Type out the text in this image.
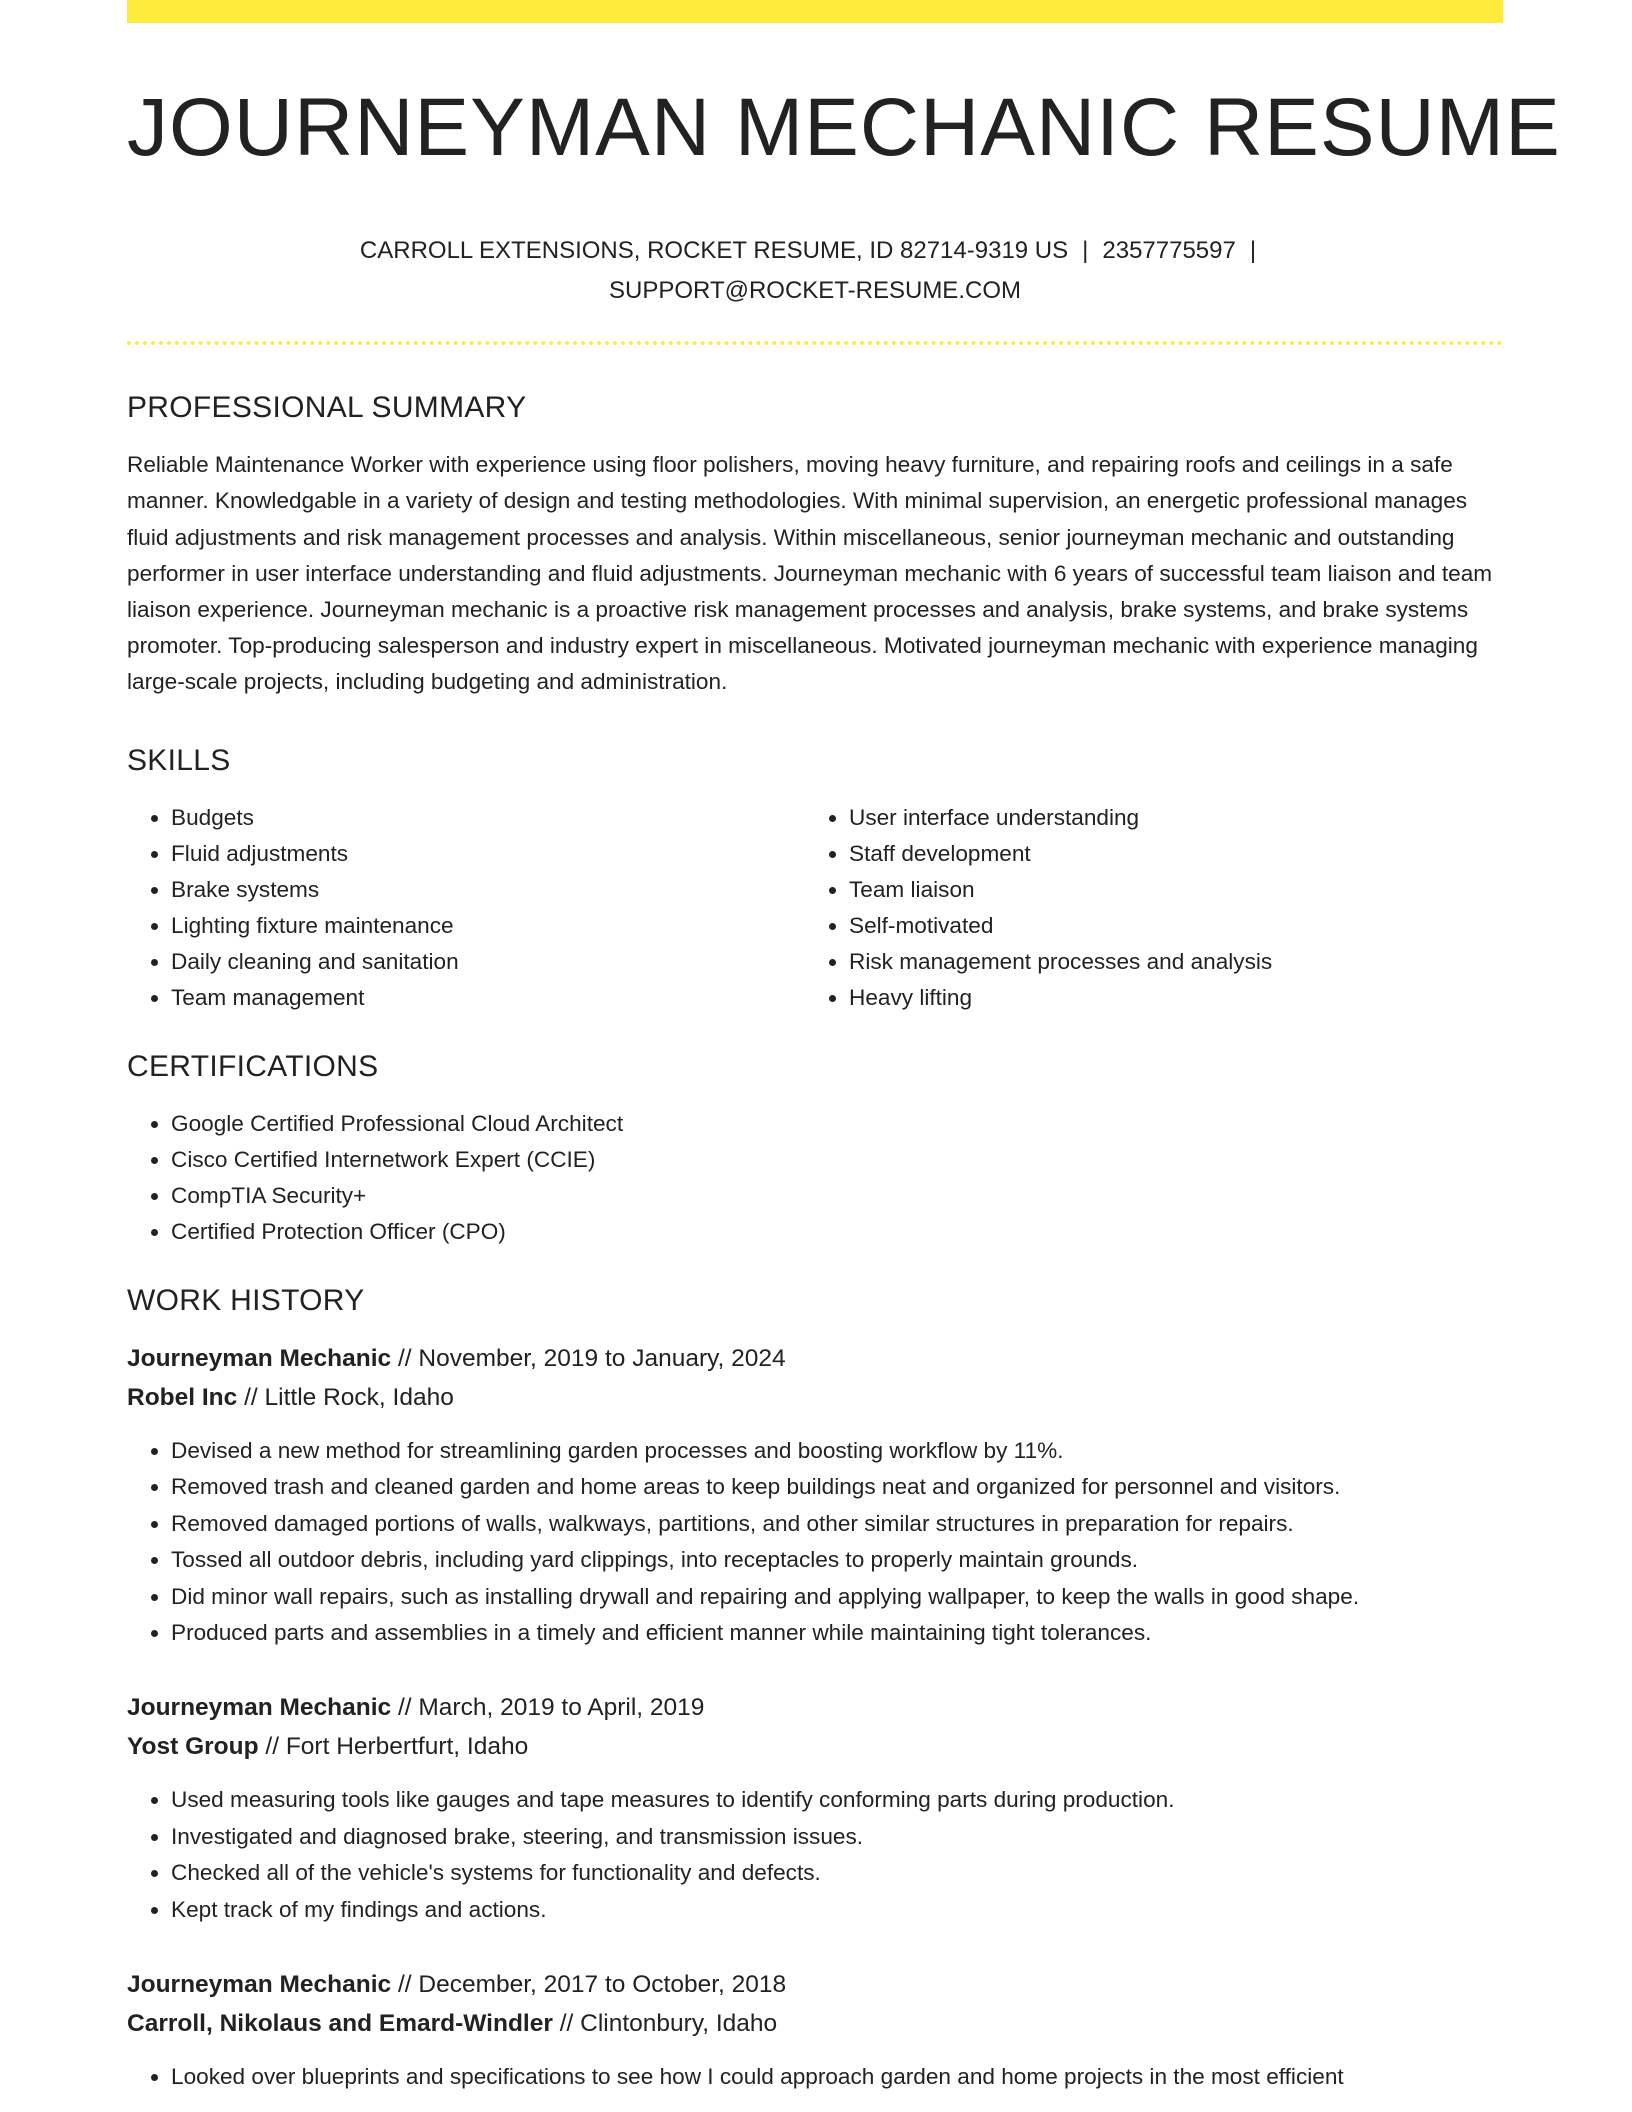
JOURNEYMAN MECHANIC RESUME
CARROLL EXTENSIONS, ROCKET RESUME, ID 82714-9319 US | 2357775597 |
SUPPORT@ROCKET-RESUME.COM
PROFESSIONAL SUMMARY

Reliable Maintenance Worker with experience using floor polishers, moving heavy furniture, and repairing roofs and ceilings in a safe manner. Knowledgable in a variety of design and testing methodologies. With minimal supervision, an energetic professional manages fluid adjustments and risk management processes and analysis. Within miscellaneous, senior journeyman mechanic and outstanding performer in user interface understanding and fluid adjustments. Journeyman mechanic with 6 years of successful team liaison and team liaison experience. Journeyman mechanic is a proactive risk management processes and analysis, brake systems, and brake systems promoter. Top-producing salesperson and industry expert in miscellaneous. Motivated journeyman mechanic with experience managing large-scale projects, including budgeting and administration.

SKILLS
• Budgets
• Fluid adjustments
• Brake systems
• Lighting fixture maintenance
• Daily cleaning and sanitation
• Team management
• User interface understanding
• Staff development
• Team liaison
• Self-motivated
• Risk management processes and analysis
• Heavy lifting
CERTIFICATIONS
• Google Certified Professional Cloud Architect
• Cisco Certified Internetwork Expert (CCIE)
• CompTIA Security+
• Certified Protection Officer (CPO)
WORK HISTORY
Journeyman Mechanic // November, 2019 to January, 2024
Robel Inc // Little Rock, Idaho
• Devised a new method for streamlining garden processes and boosting workflow by 11%.
• Removed trash and cleaned garden and home areas to keep buildings neat and organized for personnel and visitors.
• Removed damaged portions of walls, walkways, partitions, and other similar structures in preparation for repairs.
• Tossed all outdoor debris, including yard clippings, into receptacles to properly maintain grounds.
• Did minor wall repairs, such as installing drywall and repairing and applying wallpaper, to keep the walls in good shape.
• Produced parts and assemblies in a timely and efficient manner while maintaining tight tolerances.
Journeyman Mechanic // March, 2019 to April, 2019
Yost Group // Fort Herbertfurt, Idaho
• Used measuring tools like gauges and tape measures to identify conforming parts during production.
• Investigated and diagnosed brake, steering, and transmission issues.
• Checked all of the vehicle's systems for functionality and defects.
• Kept track of my findings and actions.
Journeyman Mechanic // December, 2017 to October, 2018
Carroll, Nikolaus and Emard-Windler // Clintonbury, Idaho
• Looked over blueprints and specifications to see how I could approach garden and home projects in the most efficient
